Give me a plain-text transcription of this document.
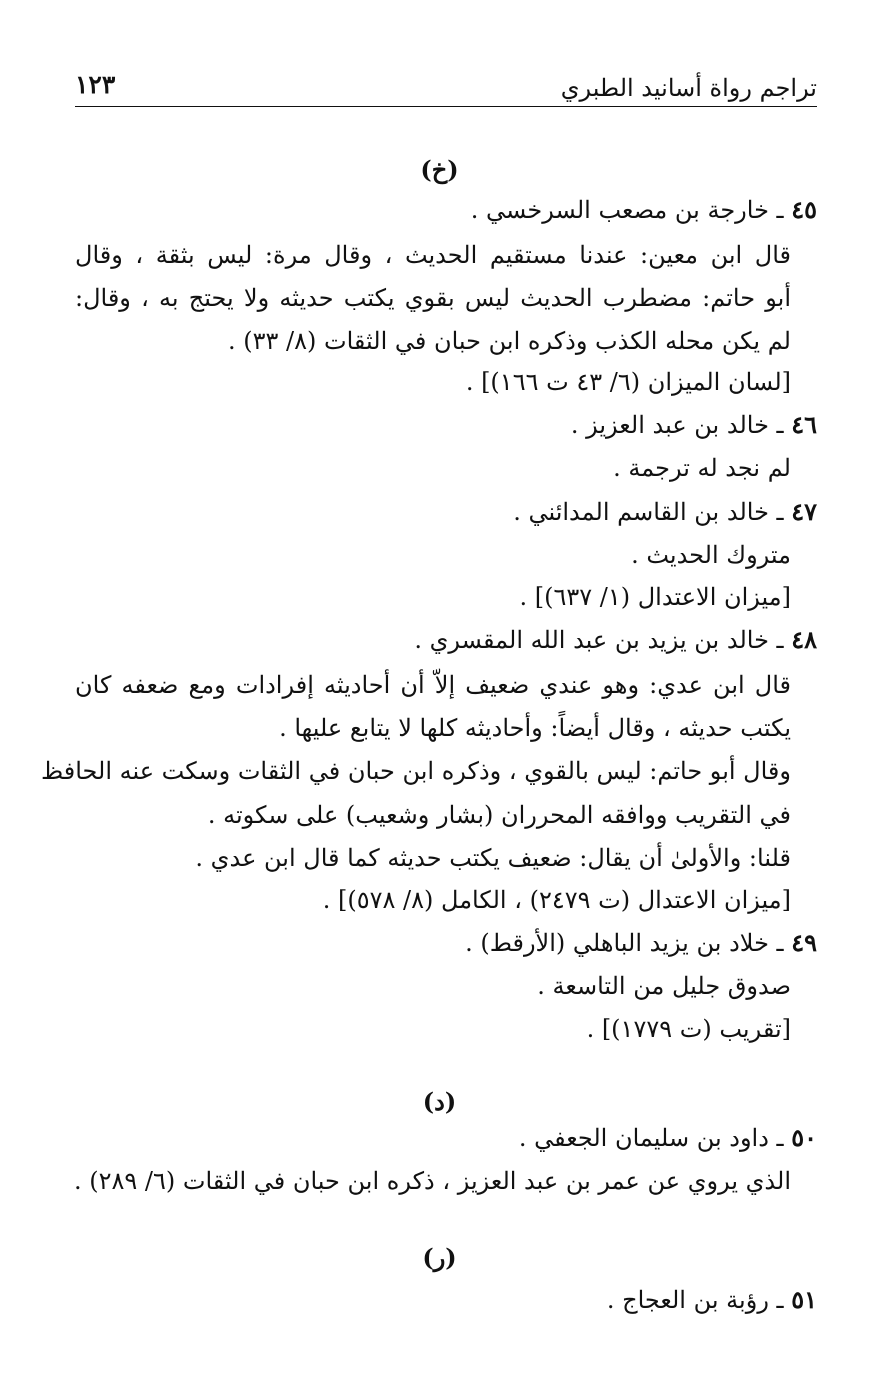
تراجم رواة أسانيد الطبري
١٢٣
(خ)
٤٥ ـ خارجة بن مصعب السرخسي .
قال ابن معين: عندنا مستقيم الحديث ، وقال مرة: ليس بثقة ، وقال
أبو حاتم: مضطرب الحديث ليس بقوي يكتب حديثه ولا يحتج به ، وقال:
لم يكن محله الكذب وذكره ابن حبان في الثقات (٨/ ٣٣) .
[لسان الميزان (٦/ ٤٣ ت ١٦٦)] .
٤٦ ـ خالد بن عبد العزيز .
لم نجد له ترجمة .
٤٧ ـ خالد بن القاسم المدائني .
متروك الحديث .
[ميزان الاعتدال (١/ ٦٣٧)] .
٤٨ ـ خالد بن يزيد بن عبد الله المقسري .
قال ابن عدي: وهو عندي ضعيف إلاّ أن أحاديثه إفرادات ومع ضعفه كان
يكتب حديثه ، وقال أيضاً: وأحاديثه كلها لا يتابع عليها .
وقال أبو حاتم: ليس بالقوي ، وذكره ابن حبان في الثقات وسكت عنه الحافظ
في التقريب ووافقه المحرران (بشار وشعيب) على سكوته .
قلنا: والأولىٰ أن يقال: ضعيف يكتب حديثه كما قال ابن عدي .
[ميزان الاعتدال (ت ٢٤٧٩) ، الكامل (٨/ ٥٧٨)] .
٤٩ ـ خلاد بن يزيد الباهلي (الأرقط) .
صدوق جليل من التاسعة .
[تقريب (ت ١٧٧٩)] .
(د)
٥٠ ـ داود بن سليمان الجعفي .
الذي يروي عن عمر بن عبد العزيز ، ذكره ابن حبان في الثقات (٦/ ٢٨٩) .
(ر)
٥١ ـ رؤبة بن العجاج .
